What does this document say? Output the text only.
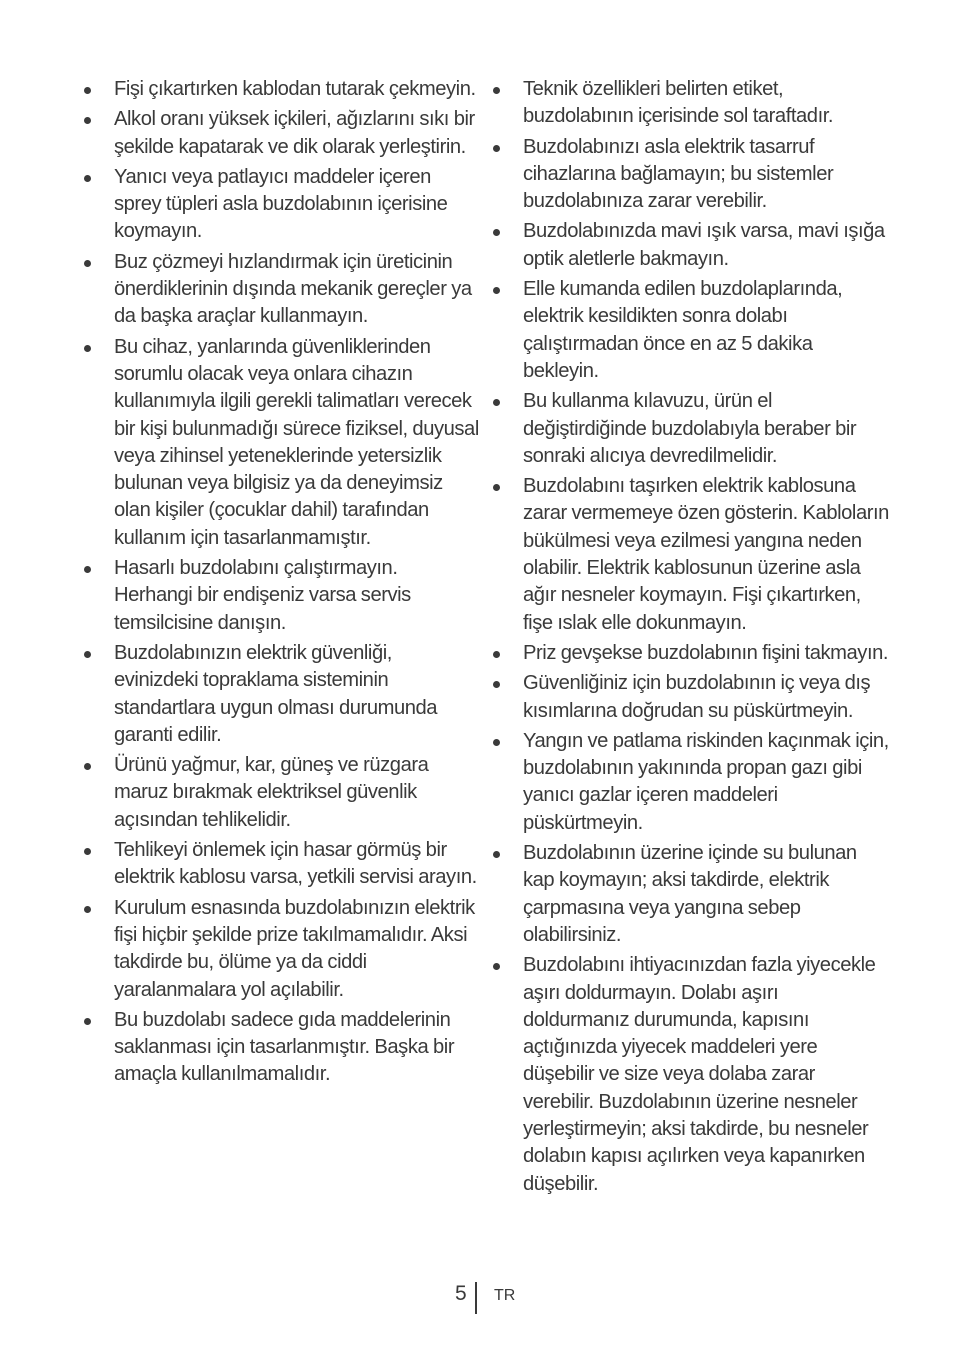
Fişi çıkartırken kablodan tutarak çekmeyin.
Alkol oranı yüksek içkileri, ağızlarını sıkı bir şekilde kapatarak ve dik olarak yerleştirin.
Yanıcı veya patlayıcı maddeler içeren sprey tüpleri asla buzdolabının içerisine koymayın.
Buz çözmeyi hızlandırmak için üreticinin önerdiklerinin dışında mekanik gereçler ya da başka araçlar kullanmayın.
Bu cihaz, yanlarında güvenliklerinden sorumlu olacak veya onlara cihazın kullanımıyla ilgili gerekli talimatları verecek bir kişi bulunmadığı sürece fiziksel, duyusal veya zihinsel yeteneklerinde yetersizlik bulunan veya bilgisiz ya da deneyimsiz olan kişiler (çocuklar dahil) tarafından kullanım için tasarlanmamıştır.
Hasarlı buzdolabını çalıştırmayın. Herhangi bir endişeniz varsa servis temsilcisine danışın.
Buzdolabınızın elektrik güvenliği, evinizdeki topraklama sisteminin standartlara uygun olması durumunda garanti edilir.
Ürünü yağmur, kar, güneş ve rüzgara maruz bırakmak elektriksel güvenlik açısından tehlikelidir.
Tehlikeyi önlemek için hasar görmüş bir elektrik kablosu varsa, yetkili servisi arayın.
Kurulum esnasında buzdolabınızın elektrik fişi hiçbir şekilde prize takılmamalıdır. Aksi takdirde bu, ölüme ya da ciddi yaralanmalara yol açılabilir.
Bu buzdolabı sadece gıda maddelerinin saklanması için tasarlanmıştır. Başka bir amaçla kullanılmamalıdır.
Teknik özellikleri belirten etiket, buzdolabının içerisinde sol taraftadır.
Buzdolabınızı asla elektrik tasarruf cihazlarına bağlamayın; bu sistemler buzdolabınıza zarar verebilir.
Buzdolabınızda mavi ışık varsa, mavi ışığa optik aletlerle bakmayın.
Elle kumanda edilen buzdolaplarında, elektrik kesildikten sonra dolabı çalıştırmadan önce en az 5 dakika bekleyin.
Bu kullanma kılavuzu, ürün el değiştirdiğinde buzdolabıyla beraber bir sonraki alıcıya devredilmelidir.
Buzdolabını taşırken elektrik kablosuna zarar vermemeye özen gösterin. Kabloların bükülmesi veya ezilmesi yangına neden olabilir. Elektrik kablosunun üzerine asla ağır nesneler koymayın. Fişi çıkartırken, fişe ıslak elle dokunmayın.
Priz gevşekse buzdolabının fişini takmayın.
Güvenliğiniz için buzdolabının iç veya dış kısımlarına doğrudan su püskürtmeyin.
Yangın ve patlama riskinden kaçınmak için, buzdolabının yakınında propan gazı gibi yanıcı gazlar içeren maddeleri püskürtmeyin.
Buzdolabının üzerine içinde su bulunan kap koymayın; aksi takdirde, elektrik çarpmasına veya yangına sebep olabilirsiniz.
Buzdolabını ihtiyacınızdan fazla yiyecekle aşırı doldurmayın. Dolabı aşırı doldurmanız durumunda, kapısını açtığınızda yiyecek maddeleri yere düşebilir ve size veya dolaba zarar verebilir. Buzdolabının üzerine nesneler yerleştirmeyin; aksi takdirde, bu nesneler dolabın kapısı açılırken veya kapanırken düşebilir.
5 TR
